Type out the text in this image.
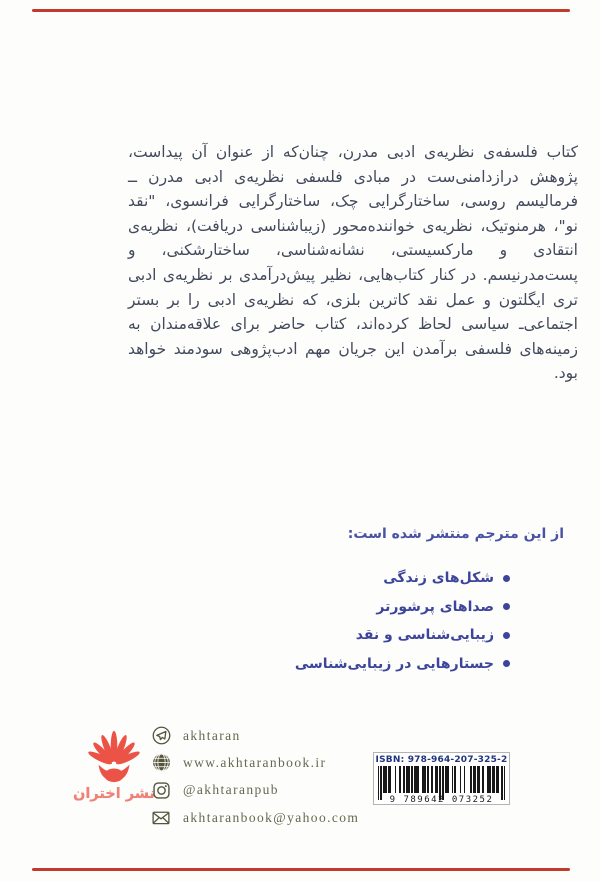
کتاب فلسفه‌ی نظریه‌ی ادبی مدرن، چنان‌که از عنوان آن پیداست، پژوهش درازدامنی‌ست در مبادی فلسفی نظریه‌ی ادبی مدرن ــ فرمالیسم روسی، ساختارگرایی چک، ساختارگرایی فرانسوی، "نقد نو"، هرمنوتیک، نظریه‌ی خواننده‌محور (زیباشناسی دریافت)، نظریه‌ی انتقادی و مارکسیستی، نشانه‌شناسی، ساختارشکنی، و پست‌مدرنیسم. در کنار کتاب‌هایی، نظیر پیش‌درآمدی بر نظریه‌ی ادبی تری ایگلتون و عمل نقد کاترین بلزی، که نظریه‌ی ادبی را بر بستر اجتماعی‌ـ سیاسی لحاظ کرده‌اند، کتاب حاضر برای علاقه‌مندان به زمینه‌های فلسفی برآمدن این جریان مهم ادب‌پژوهی سودمند خواهد بود.

از این مترجم منتشر شده است:
شکل‌های زندگی
صداهای پرشورتر
زیبایی‌شناسی و نقد
جستارهایی در زیبایی‌شناسی
نشر اختران
akhtaran
www.akhtaranbook.ir
@akhtaranpub
akhtaranbook@yahoo.com
ISBN: 978-964-207-325-2
9 789642 073252
